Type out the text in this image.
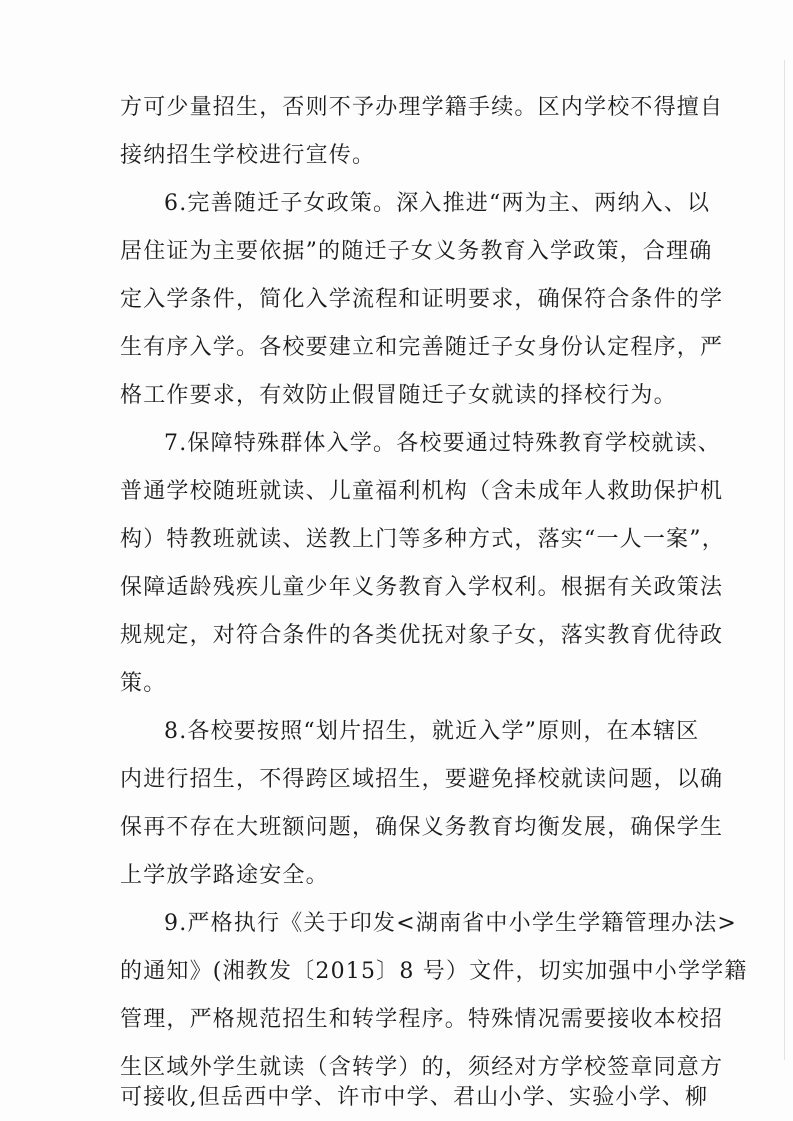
方可少量招生，否则不予办理学籍手续。区内学校不得擅自
接纳招生学校进行宣传。
6.完善随迁子女政策。深入推进“两为主、两纳入、以
居住证为主要依据”的随迁子女义务教育入学政策，合理确
定入学条件，简化入学流程和证明要求，确保符合条件的学
生有序入学。各校要建立和完善随迁子女身份认定程序，严
格工作要求，有效防止假冒随迁子女就读的择校行为。
7.保障特殊群体入学。各校要通过特殊教育学校就读、
普通学校随班就读、儿童福利机构（含未成年人救助保护机
构）特教班就读、送教上门等多种方式，落实“一人一案”，
保障适龄残疾儿童少年义务教育入学权利。根据有关政策法
规规定，对符合条件的各类优抚对象子女，落实教育优待政
策。
8.各校要按照“划片招生，就近入学”原则，在本辖区
内进行招生，不得跨区域招生，要避免择校就读问题，以确
保再不存在大班额问题，确保义务教育均衡发展，确保学生
上学放学路途安全。
9.严格执行《关于印发<湖南省中小学生学籍管理办法>
的通知》(湘教发〔2015〕8 号）文件，切实加强中小学学籍
管理，严格规范招生和转学程序。特殊情况需要接收本校招
生区域外学生就读（含转学）的，须经对方学校签章同意方
可接收,但岳西中学、许市中学、君山小学、实验小学、柳
